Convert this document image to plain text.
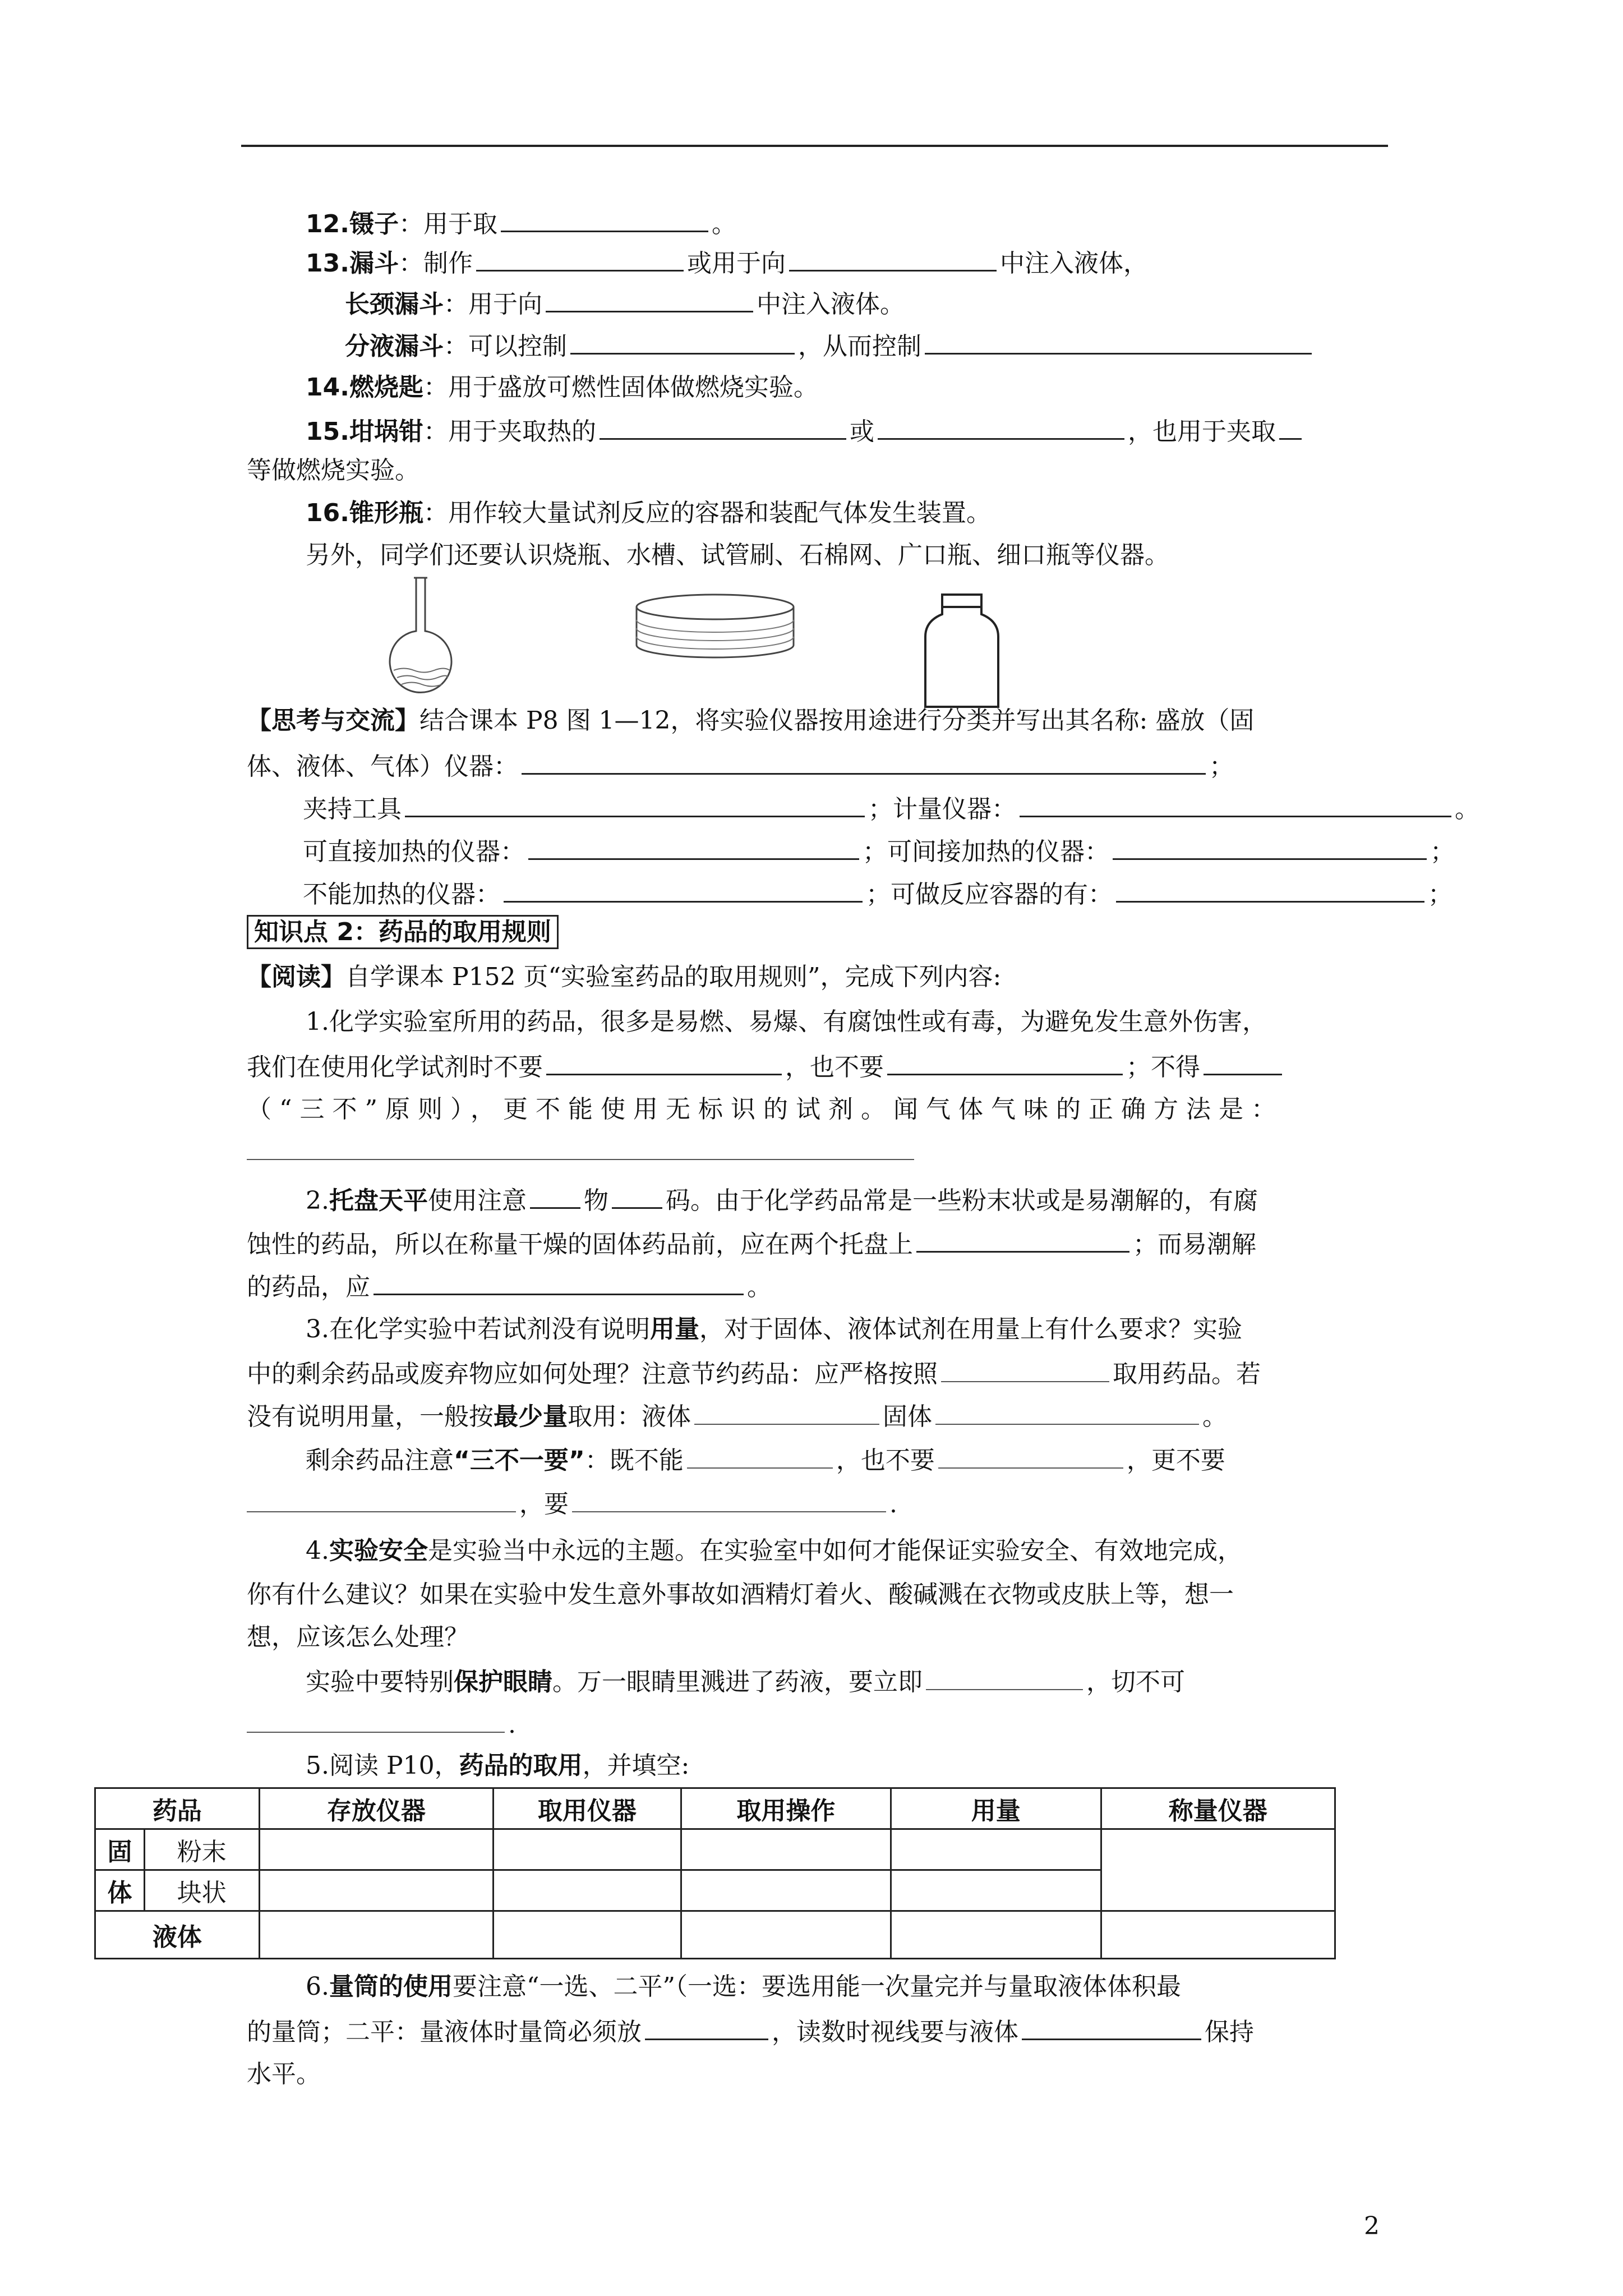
12.镊子：用于取	。
13.漏斗：制作	或用于向	中注入液体，
长颈漏斗：用于向	中注入液体。
分液漏斗：可以控制	，从而控制
14.燃烧匙：用于盛放可燃性固体做燃烧实验。
15.坩埚钳：用于夹取热的	或	，也用于夹取
等做燃烧实验。
16.锥形瓶：用作较大量试剂反应的容器和装配气体发生装置。
另外，同学们还要认识烧瓶、水槽、试管刷、石棉网、广口瓶、细口瓶等仪器。
【思考与交流】结合课本 P8 图 1—12，将实验仪器按用途进行分类并写出其名称: 盛放（固
体、液体、气体）仪器：	；
夹持工具	；计量仪器：	。
可直接加热的仪器：	；可间接加热的仪器：	；
不能加热的仪器：	；可做反应容器的有：	；
知识点 2：药品的取用规则
【阅读】自学课本 P152 页“实验室药品的取用规则”，完成下列内容:
1.化学实验室所用的药品，很多是易燃、易爆、有腐蚀性或有毒，为避免发生意外伤害，
我们在使用化学试剂时不要	，也不要	；不得
（“三不”原则），更不能使用无标识的试剂。闻气体气味的正确方法是：
2.托盘天平使用注意 物 码。由于化学药品常是一些粉末状或是易潮解的，有腐
蚀性的药品，所以在称量干燥的固体药品前，应在两个托盘上	；而易潮解
的药品，应	。
3.在化学实验中若试剂没有说明用量，对于固体、液体试剂在用量上有什么要求？实验
中的剩余药品或废弃物应如何处理？注意节约药品：应严格按照	取用药品。若
没有说明用量，一般按最少量取用：液体	固体	。
剩余药品注意“三不一要”：既不能	，也不要	，更不要
，要	.
4.实验安全是实验当中永远的主题。在实验室中如何才能保证实验安全、有效地完成，
你有什么建议？如果在实验中发生意外事故如酒精灯着火、酸碱溅在衣物或皮肤上等，想一
想，应该怎么处理？
实验中要特别保护眼睛。万一眼睛里溅进了药液，要立即	，切不可
.
5.阅读 P10，药品的取用，并填空:
药品		存放仪器	取用仪器	取用操作	用量	称量仪器
固	粉末					
体	块状					
液体						
6.量筒的使用要注意“一选、二平”（一选：要选用能一次量完并与量取液体体积最
的量筒；二平：量液体时量筒必须放	，读数时视线要与液体	保持
水平。
2
